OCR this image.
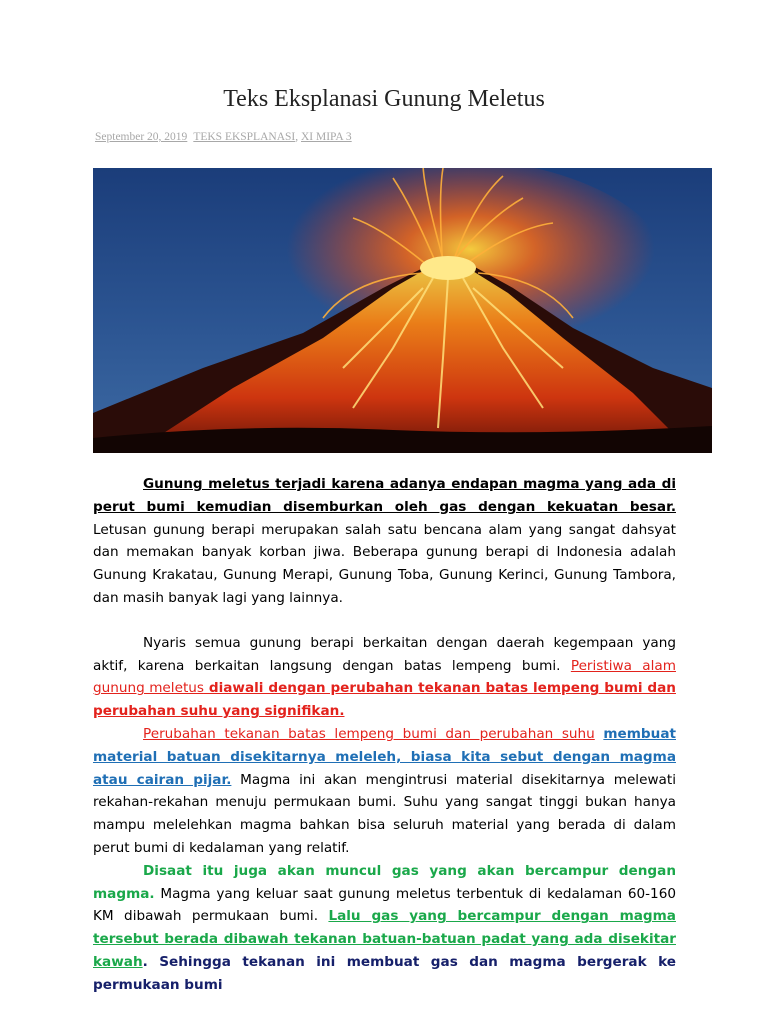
Teks Eksplanasi Gunung Meletus
September 20, 2019 TEKS EKSPLANASI, XI MIPA 3

Gunung meletus terjadi karena adanya endapan magma yang ada di perut bumi kemudian disemburkan oleh gas dengan kekuatan besar. Letusan gunung berapi merupakan salah satu bencana alam yang sangat dahsyat dan memakan banyak korban jiwa. Beberapa gunung berapi di Indonesia adalah Gunung Krakatau, Gunung Merapi, Gunung Toba, Gunung Kerinci, Gunung Tambora, dan masih banyak lagi yang lainnya.

Nyaris semua gunung berapi berkaitan dengan daerah kegempaan yang aktif, karena berkaitan langsung dengan batas lempeng bumi. Peristiwa alam gunung meletus diawali dengan perubahan tekanan batas lempeng bumi dan perubahan suhu yang signifikan.

Perubahan tekanan batas lempeng bumi dan perubahan suhu membuat material batuan disekitarnya meleleh, biasa kita sebut dengan magma atau cairan pijar. Magma ini akan mengintrusi material disekitarnya melewati rekahan-rekahan menuju permukaan bumi. Suhu yang sangat tinggi bukan hanya mampu melelehkan magma bahkan bisa seluruh material yang berada di dalam perut bumi di kedalaman yang relatif.

Disaat itu juga akan muncul gas yang akan bercampur dengan magma. Magma yang keluar saat gunung meletus terbentuk di kedalaman 60-160 KM dibawah permukaan bumi. Lalu gas yang bercampur dengan magma tersebut berada dibawah tekanan batuan-batuan padat yang ada disekitar kawah. Sehingga tekanan ini membuat gas dan magma bergerak ke permukaan bumi
